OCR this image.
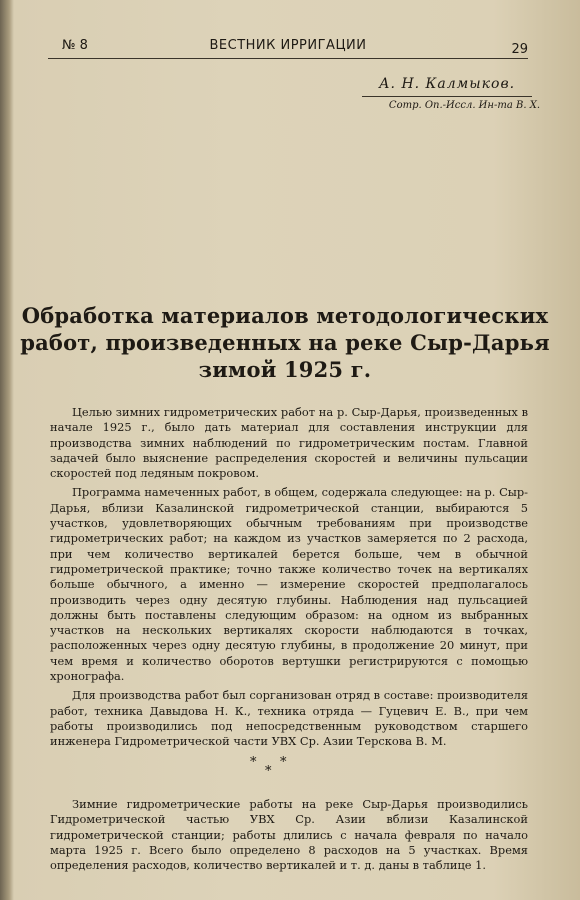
№ 8	ВЕСТНИК ИРРИГАЦИИ	29
А. Н. Калмыков.
Сотр. Оп.-Иссл. Ин-та В. Х.
Обработка материалов методологических
работ, произведенных на реке Сыр-Дарья
зимой 1925 г.

Целью зимних гидрометрических работ на р. Сыр-Дарья, произведенных в начале 1925 г., было дать материал для составления инструкции для производства зимних наблюдений по гидрометрическим постам. Главной задачей было выяснение распределения скоростей и величины пульсации скоростей под ледяным покровом.

Программа намеченных работ, в общем, содержала следующее: на р. Сыр-Дарья, вблизи Казалинской гидрометрической станции, выбираются 5 участков, удовлетворяющих обычным требованиям при производстве гидрометрических работ; на каждом из участков замеряется по 2 расхода, при чем количество вертикалей берется больше, чем в обычной гидрометрической практике; точно также количество точек на вертикалях больше обычного, а именно — измерение скоростей предполагалось производить через одну десятую глубины. Наблюдения над пульсацией должны быть поставлены следующим образом: на одном из выбранных участков на нескольких вертикалях скорости наблюдаются в точках, расположенных через одну десятую глубины, в продолжение 20 минут, при чем время и количество оборотов вертушки регистрируются с помощью хронографа.

Для производства работ был сорганизован отряд в составе: производителя работ, техника Давыдова Н. К., техника отряда — Гуцевич Е. В., при чем работы производились под непосредственным руководством старшего инженера Гидрометрической части УВХ Ср. Азии Терскова В. М.

* *
*

Зимние гидрометрические работы на реке Сыр-Дарья производились Гидрометрической частью УВХ Ср. Азии вблизи Казалинской гидрометрической станции; работы длились с начала февраля по начало марта 1925 г. Всего было определено 8 расходов на 5 участках. Время определения расходов, количество вертикалей и т. д. даны в таблице 1.
